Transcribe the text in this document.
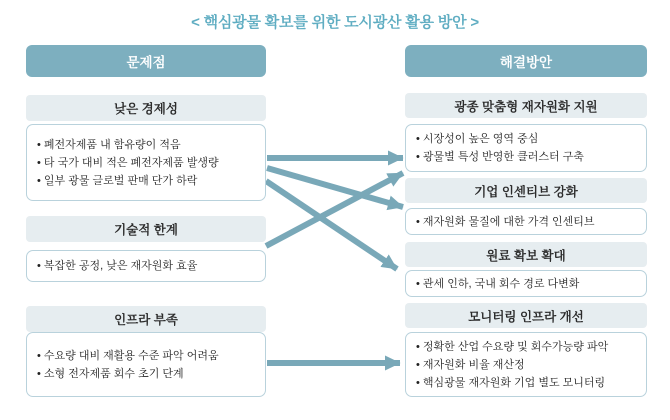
< 핵심광물 확보를 위한 도시광산 활용 방안 >
문제점
낮은 경제성
• 폐전자제품 내 함유량이 적음
• 타 국가 대비 적은 폐전자제품 발생량
• 일부 광물 글로벌 판매 단가 하락
기술적 한계
• 복잡한 공정, 낮은 재자원화 효율
인프라 부족
• 수요량 대비 재활용 수준 파악 어려움
• 소형 전자제품 회수 초기 단계
해결방안
광종 맞춤형 재자원화 지원
• 시장성이 높은 영역 중심
• 광물별 특성 반영한 클러스터 구축
기업 인센티브 강화
• 재자원화 물질에 대한 가격 인센티브
원료 확보 확대
• 관세 인하, 국내 회수 경로 다변화
모니터링 인프라 개선
• 정확한 산업 수요량 및 회수가능량 파악
• 재자원화 비율 재산정
• 핵심광물 재자원화 기업 별도 모니터링
